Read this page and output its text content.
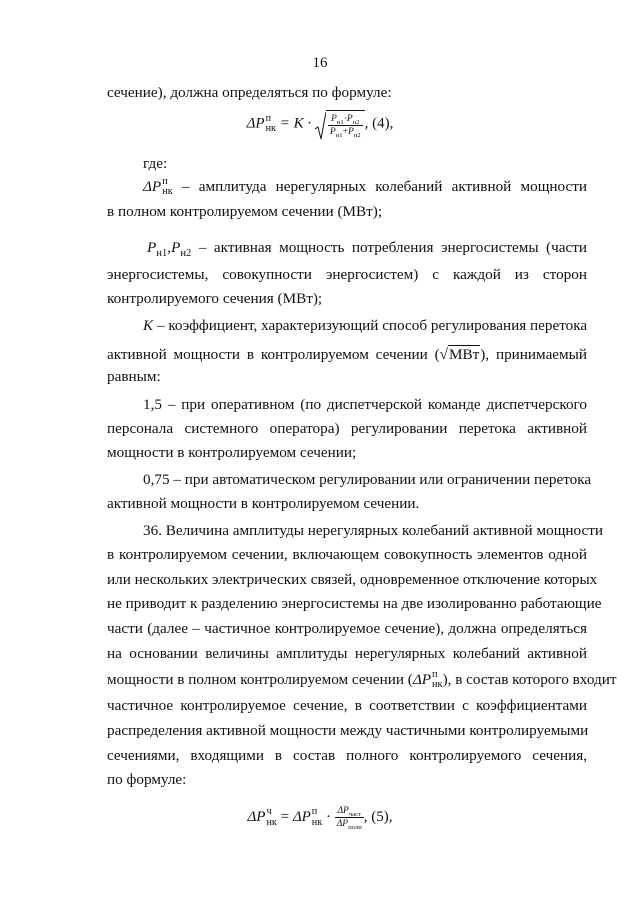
16
сечение), должна определяться по формуле:
ΔP п
нк = $K \cdot \frac{P_{н1}\cdot P_{н2}}{P_{н1}+P_{н2}}$ , (4),
где:
ΔP п
нк – амплитуда нерегулярных колебаний активной мощности
в полном контролируемом сечении (МВт);
$P_{н1},P_{н2}$ – активная мощность потребления энергосистемы (части
энергосистемы, совокупности энергосистем) с каждой из сторон
контролируемого сечения (МВт);
K – коэффициент, характеризующий способ регулирования перетока
активной мощности в контролируемом сечении (√МВт), принимаемый
равным:
1,5 – при оперативном (по диспетчерской команде диспетчерского
персонала системного оператора) регулировании перетока активной
мощности в контролируемом сечении;
0,75 – при автоматическом регулировании или ограничении перетока
активной мощности в контролируемом сечении.
36. Величина амплитуды нерегулярных колебаний активной мощности
в контролируемом сечении, включающем совокупность элементов одной
или нескольких электрических связей, одновременное отключение которых
не приводит к разделению энергосистемы на две изолированно работающие
части (далее – частичное контролируемое сечение), должна определяться
на основании величины амплитуды нерегулярных колебаний активной
мощности в полном контролируемом сечении (ΔP п
нк ), в состав которого входит
частичное контролируемое сечение, в соответствии с коэффициентами
распределения активной мощности между частичными контролируемыми
сечениями, входящими в состав полного контролируемого сечения,
по формуле:
ΔP ч
нк = ΔP п
нк · $\frac{\Delta P_{част}}{\Delta P_{полн}}$ , (5),
